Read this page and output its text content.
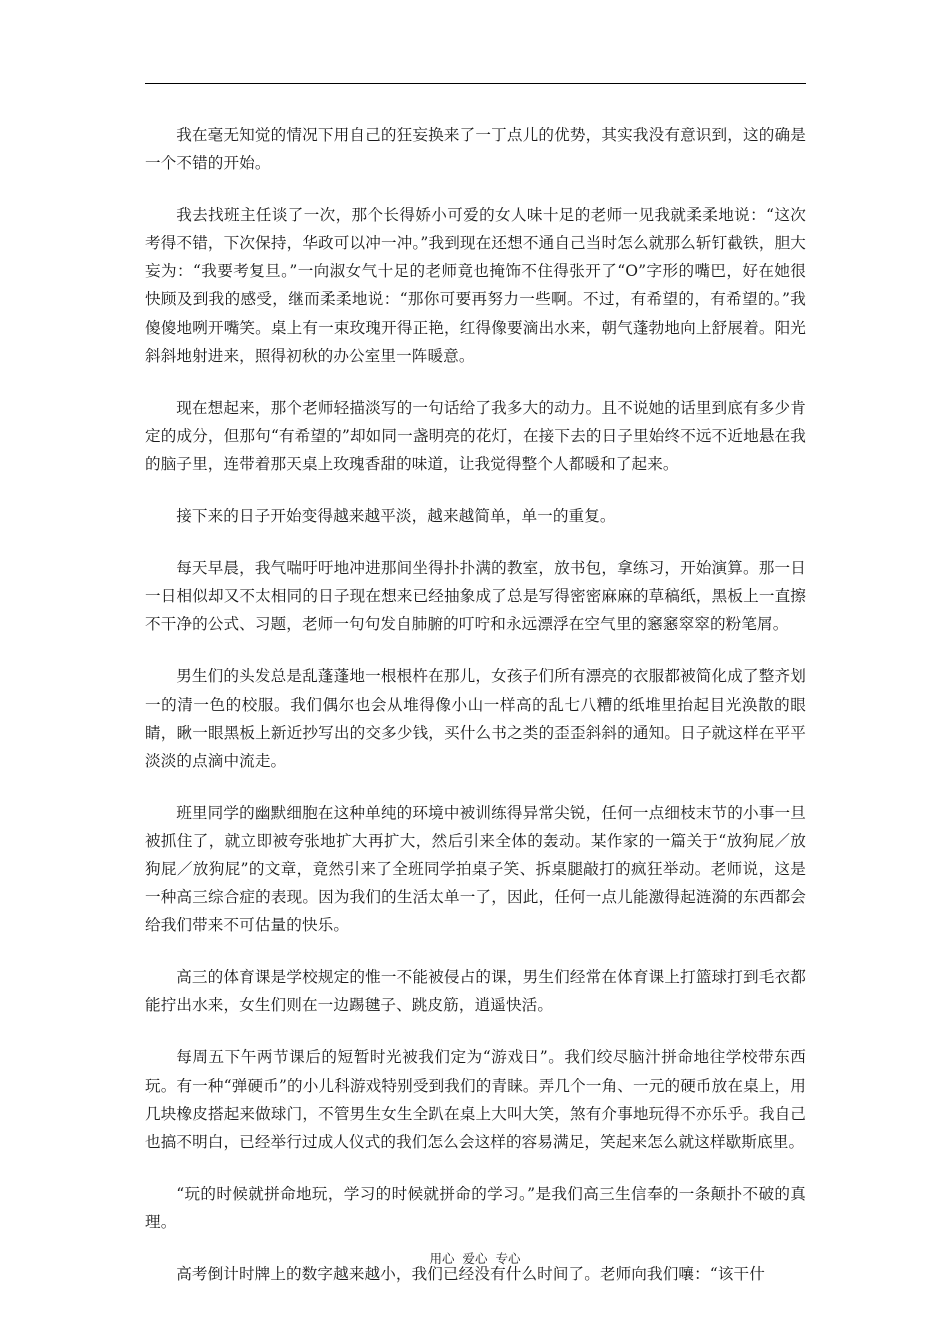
我在毫无知觉的情况下用自己的狂妄换来了一丁点儿的优势，其实我没有意识到，这的确是一个不错的开始。

我去找班主任谈了一次，那个长得娇小可爱的女人味十足的老师一见我就柔柔地说：“这次考得不错，下次保持，华政可以冲一冲。”我到现在还想不通自己当时怎么就那么斩钉截铁，胆大妄为：“我要考复旦。”一向淑女气十足的老师竟也掩饰不住得张开了“O”字形的嘴巴，好在她很快顾及到我的感受，继而柔柔地说：“那你可要再努力一些啊。不过，有希望的，有希望的。”我傻傻地咧开嘴笑。桌上有一束玫瑰开得正艳，红得像要滴出水来，朝气蓬勃地向上舒展着。阳光斜斜地射进来，照得初秋的办公室里一阵暖意。

现在想起来，那个老师轻描淡写的一句话给了我多大的动力。且不说她的话里到底有多少肯定的成分，但那句“有希望的”却如同一盏明亮的花灯，在接下去的日子里始终不远不近地悬在我的脑子里，连带着那天桌上玫瑰香甜的味道，让我觉得整个人都暖和了起来。

接下来的日子开始变得越来越平淡，越来越简单，单一的重复。

每天早晨，我气喘吁吁地冲进那间坐得扑扑满的教室，放书包，拿练习，开始演算。那一日一日相似却又不太相同的日子现在想来已经抽象成了总是写得密密麻麻的草稿纸，黑板上一直擦不干净的公式、习题，老师一句句发自肺腑的叮咛和永远漂浮在空气里的窸窸窣窣的粉笔屑。

男生们的头发总是乱蓬蓬地一根根杵在那儿，女孩子们所有漂亮的衣服都被简化成了整齐划一的清一色的校服。我们偶尔也会从堆得像小山一样高的乱七八糟的纸堆里抬起目光涣散的眼睛，瞅一眼黑板上新近抄写出的交多少钱，买什么书之类的歪歪斜斜的通知。日子就这样在平平淡淡的点滴中流走。

班里同学的幽默细胞在这种单纯的环境中被训练得异常尖锐，任何一点细枝末节的小事一旦被抓住了，就立即被夸张地扩大再扩大，然后引来全体的轰动。某作家的一篇关于“放狗屁／放狗屁／放狗屁”的文章，竟然引来了全班同学拍桌子笑、拆桌腿敲打的疯狂举动。老师说，这是一种高三综合症的表现。因为我们的生活太单一了，因此，任何一点儿能激得起涟漪的东西都会给我们带来不可估量的快乐。

高三的体育课是学校规定的惟一不能被侵占的课，男生们经常在体育课上打篮球打到毛衣都能拧出水来，女生们则在一边踢毽子、跳皮筋，逍遥快活。

每周五下午两节课后的短暂时光被我们定为“游戏日”。我们绞尽脑汁拼命地往学校带东西玩。有一种“弹硬币”的小儿科游戏特别受到我们的青睐。弄几个一角、一元的硬币放在桌上，用几块橡皮搭起来做球门，不管男生女生全趴在桌上大叫大笑，煞有介事地玩得不亦乐乎。我自己也搞不明白，已经举行过成人仪式的我们怎么会这样的容易满足，笑起来怎么就这样歇斯底里。

“玩的时候就拼命地玩，学习的时候就拼命的学习。”是我们高三生信奉的一条颠扑不破的真理。

高考倒计时牌上的数字越来越小，我们已经没有什么时间了。老师向我们嚷：“该干什

用心 爱心 专心
